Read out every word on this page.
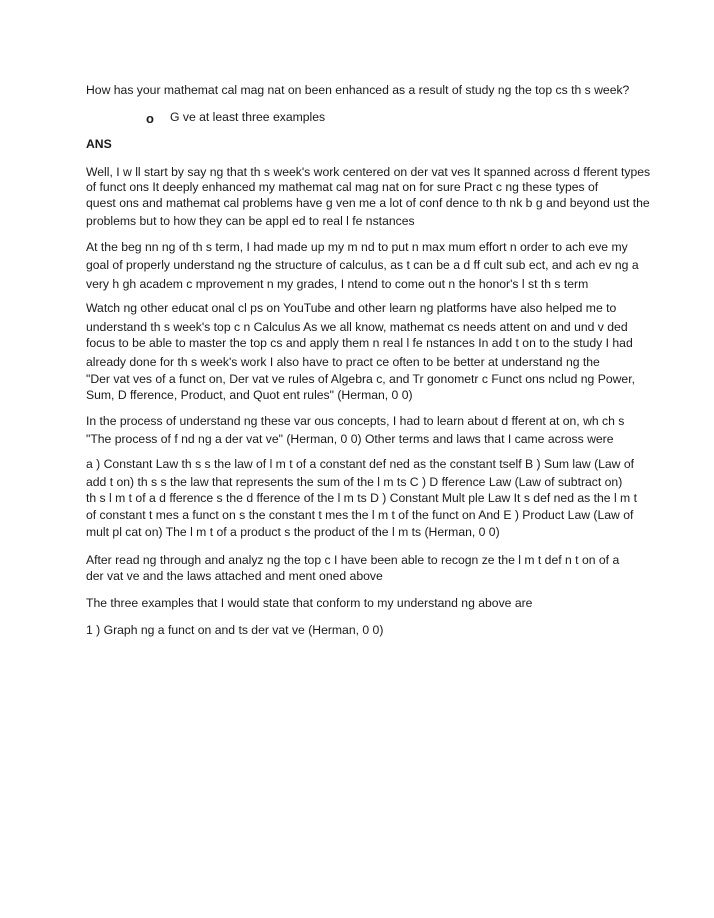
How has your mathemat cal mag nat on been enhanced as a result of study ng the top cs th s week?
o G ve at least three examples
ANS
Well, I w ll start by say ng that th s week's work centered on der vat ves It spanned across d fferent types
of funct ons It deeply enhanced my mathemat cal mag nat on for sure Pract c ng these types of
quest ons and mathemat cal problems have g ven me a lot of conf dence to th nk b g and beyond ust the
problems but to how they can be appl ed to real l fe nstances
At the beg nn ng of th s term, I had made up my m nd to put n max mum effort n order to ach eve my
goal of properly understand ng the structure of calculus, as t can be a d ff cult sub ect, and ach ev ng a
very h gh academ c mprovement n my grades, I ntend to come out n the honor's l st th s term
Watch ng other educat onal cl ps on YouTube and other learn ng platforms have also helped me to
understand th s week's top c n Calculus As we all know, mathemat cs needs attent on and und v ded
focus to be able to master the top cs and apply them n real l fe nstances In add t on to the study I had
already done for th s week's work I also have to pract ce often to be better at understand ng the
"Der vat ves of a funct on, Der vat ve rules of Algebra c, and Tr gonometr c Funct ons nclud ng Power,
Sum, D fference, Product, and Quot ent rules" (Herman, 0 0)
In the process of understand ng these var ous concepts, I had to learn about d fferent at on, wh ch s
"The process of f nd ng a der vat ve" (Herman, 0 0) Other terms and laws that I came across were
a ) Constant Law th s s the law of l m t of a constant def ned as the constant tself B ) Sum law (Law of
add t on) th s s the law that represents the sum of the l m ts C ) D fference Law (Law of subtract on)
th s l m t of a d fference s the d fference of the l m ts D ) Constant Mult ple Law It s def ned as the l m t
of constant t mes a funct on s the constant t mes the l m t of the funct on And E ) Product Law (Law of
mult pl cat on) The l m t of a product s the product of the l m ts (Herman, 0 0)
After read ng through and analyz ng the top c I have been able to recogn ze the l m t def n t on of a
der vat ve and the laws attached and ment oned above
The three examples that I would state that conform to my understand ng above are
1 ) Graph ng a funct on and ts der vat ve (Herman, 0 0)
